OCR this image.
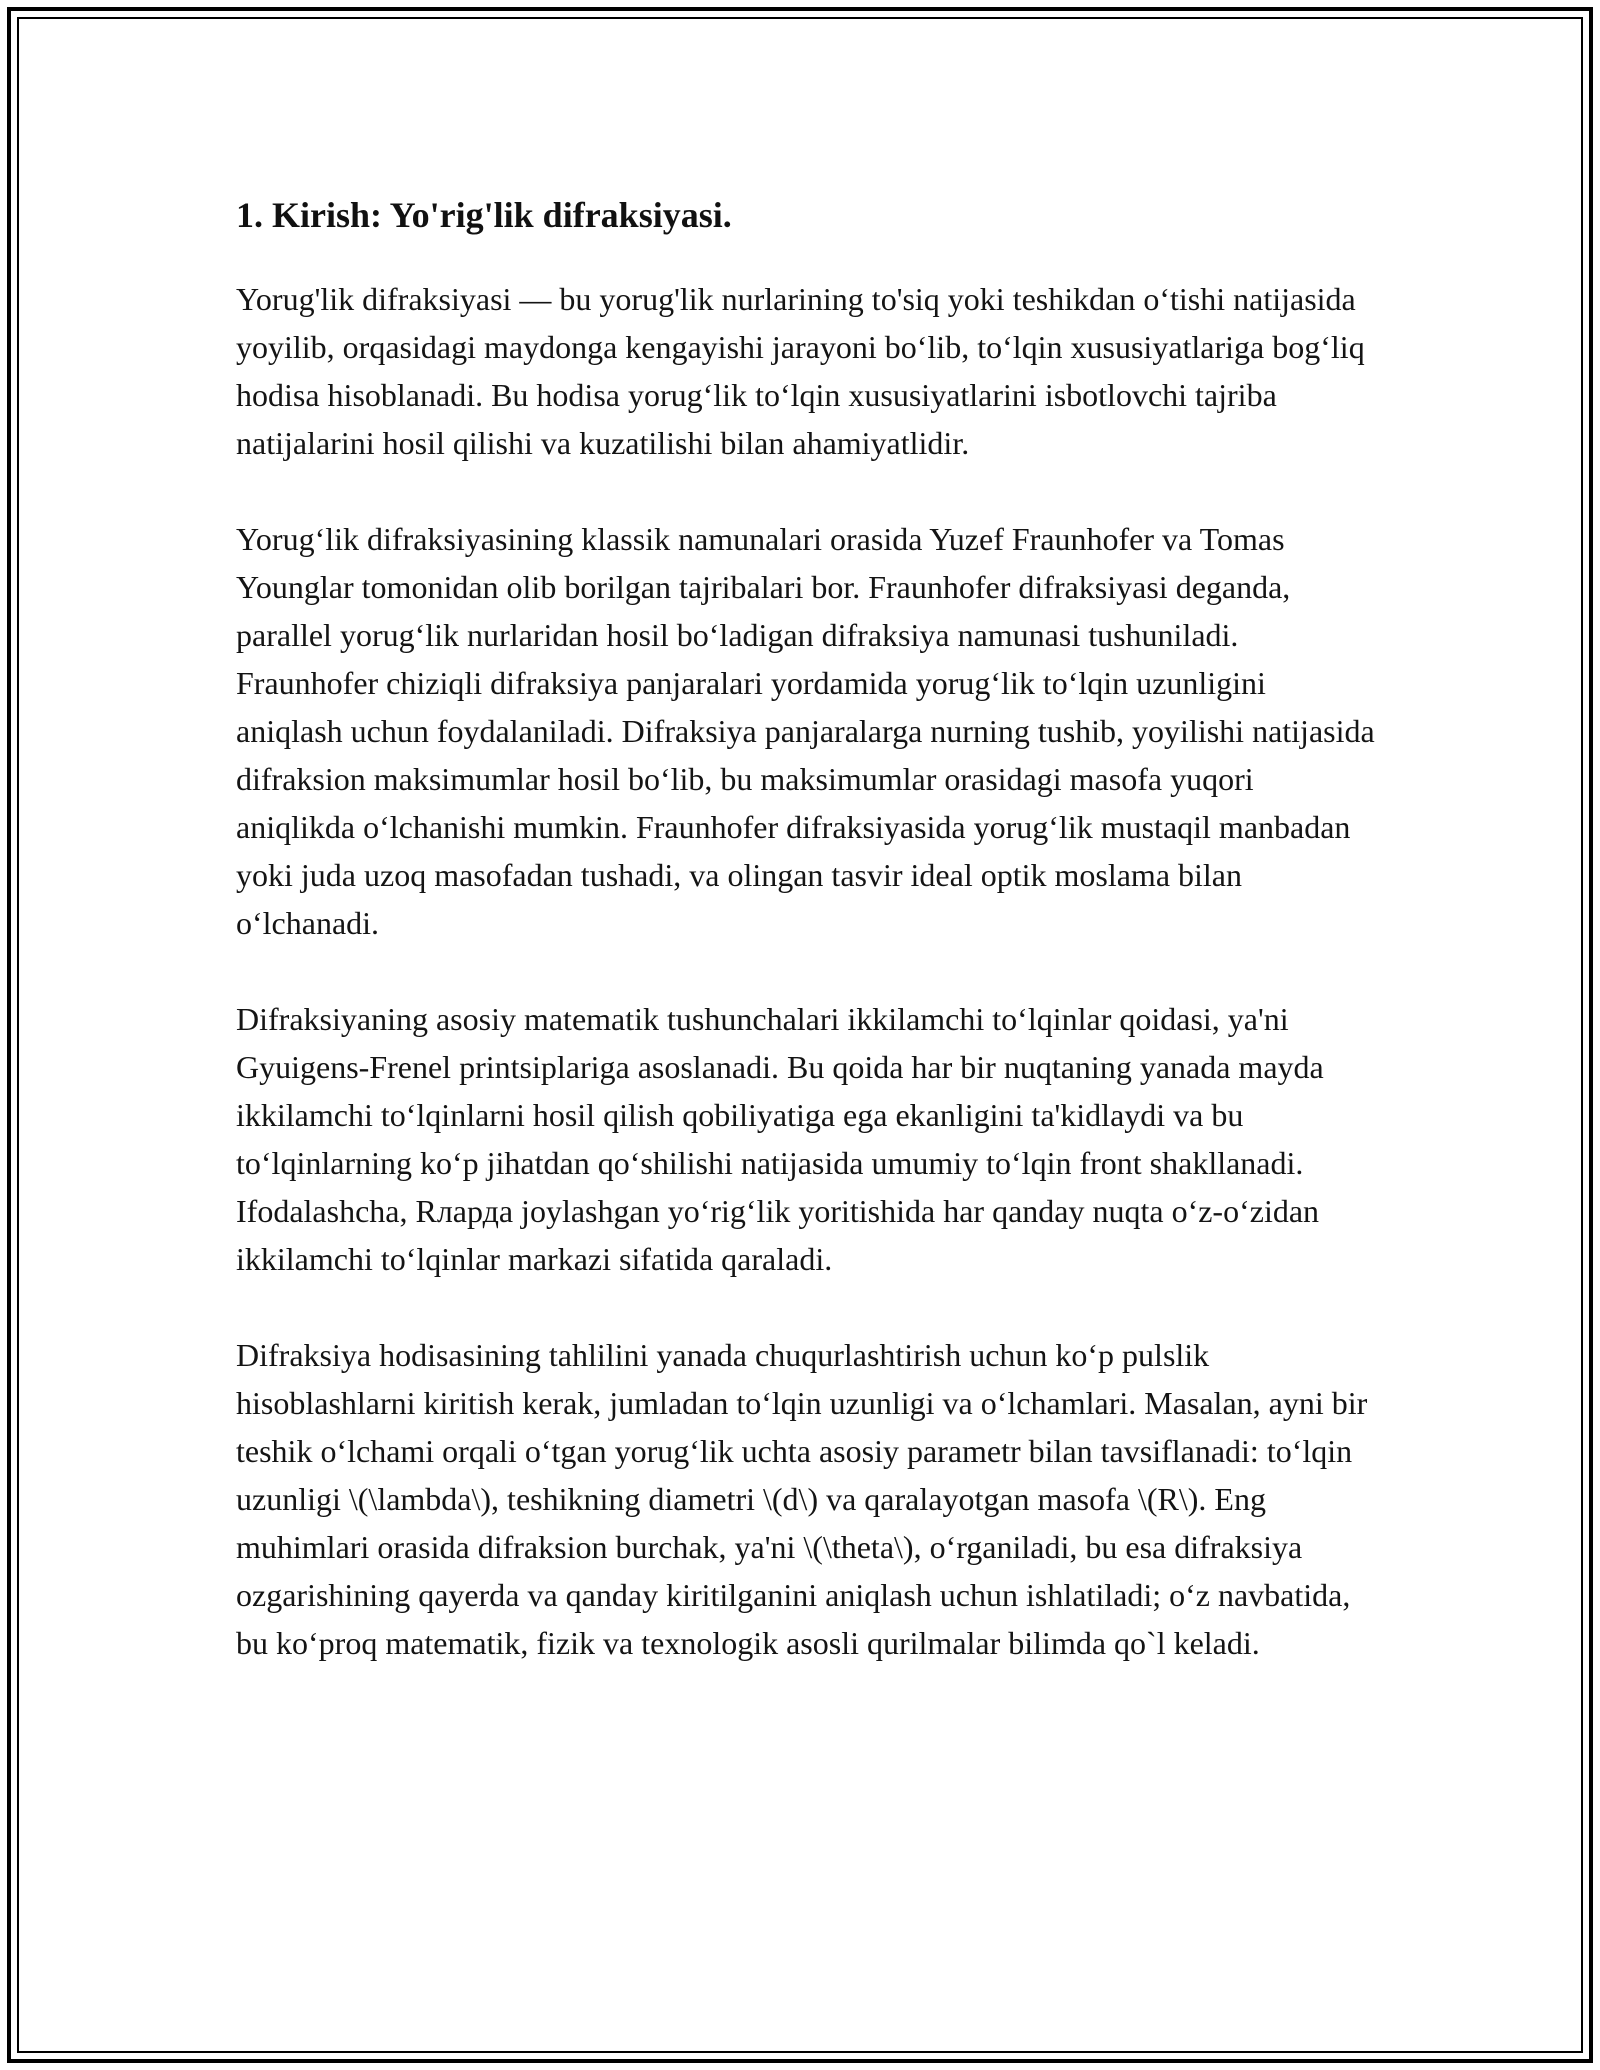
1. Kirish: Yo'rig'lik difraksiyasi.

Yorug'lik difraksiyasi — bu yorug'lik nurlarining to'siq yoki teshikdan o‘tishi natijasida yoyilib, orqasidagi maydonga kengayishi jarayoni bo‘lib, to‘lqin xususiyatlariga bog‘liq hodisa hisoblanadi. Bu hodisa yorug‘lik to‘lqin xususiyatlarini isbotlovchi tajriba natijalarini hosil qilishi va kuzatilishi bilan ahamiyatlidir.

Yorug‘lik difraksiyasining klassik namunalari orasida Yuzef Fraunhofer va Tomas Younglar tomonidan olib borilgan tajribalari bor. Fraunhofer difraksiyasi deganda, parallel yorug‘lik nurlaridan hosil bo‘ladigan difraksiya namunasi tushuniladi. Fraunhofer chiziqli difraksiya panjaralari yordamida yorug‘lik to‘lqin uzunligini aniqlash uchun foydalaniladi. Difraksiya panjaralarga nurning tushib, yoyilishi natijasida difraksion maksimumlar hosil bo‘lib, bu maksimumlar orasidagi masofa yuqori aniqlikda o‘lchanishi mumkin. Fraunhofer difraksiyasida yorug‘lik mustaqil manbadan yoki juda uzoq masofadan tushadi, va olingan tasvir ideal optik moslama bilan o‘lchanadi.

Difraksiyaning asosiy matematik tushunchalari ikkilamchi to‘lqinlar qoidasi, ya'ni Gyuigens-Frenel printsiplariga asoslanadi. Bu qoida har bir nuqtaning yanada mayda ikkilamchi to‘lqinlarni hosil qilish qobiliyatiga ega ekanligini ta'kidlaydi va bu to‘lqinlarning ko‘p jihatdan qo‘shilishi natijasida umumiy to‘lqin front shakllanadi. Ifodalashcha, Rларда joylashgan yo‘rig‘lik yoritishida har qanday nuqta o‘z-o‘zidan ikkilamchi to‘lqinlar markazi sifatida qaraladi.

Difraksiya hodisasining tahlilini yanada chuqurlashtirish uchun ko‘p pulslik hisoblashlarni kiritish kerak, jumladan to‘lqin uzunligi va o‘lchamlari. Masalan, ayni bir teshik o‘lchami orqali o‘tgan yorug‘lik uchta asosiy parametr bilan tavsiflanadi: to‘lqin uzunligi \(\lambda\), teshikning diametri \(d\) va qaralayotgan masofa \(R\). Eng muhimlari orasida difraksion burchak, ya'ni \(\theta\), o‘rganiladi, bu esa difraksiya ozgarishining qayerda va qanday kiritilganini aniqlash uchun ishlatiladi; o‘z navbatida, bu ko‘proq matematik, fizik va texnologik asosli qurilmalar bilimda qo`l keladi.
